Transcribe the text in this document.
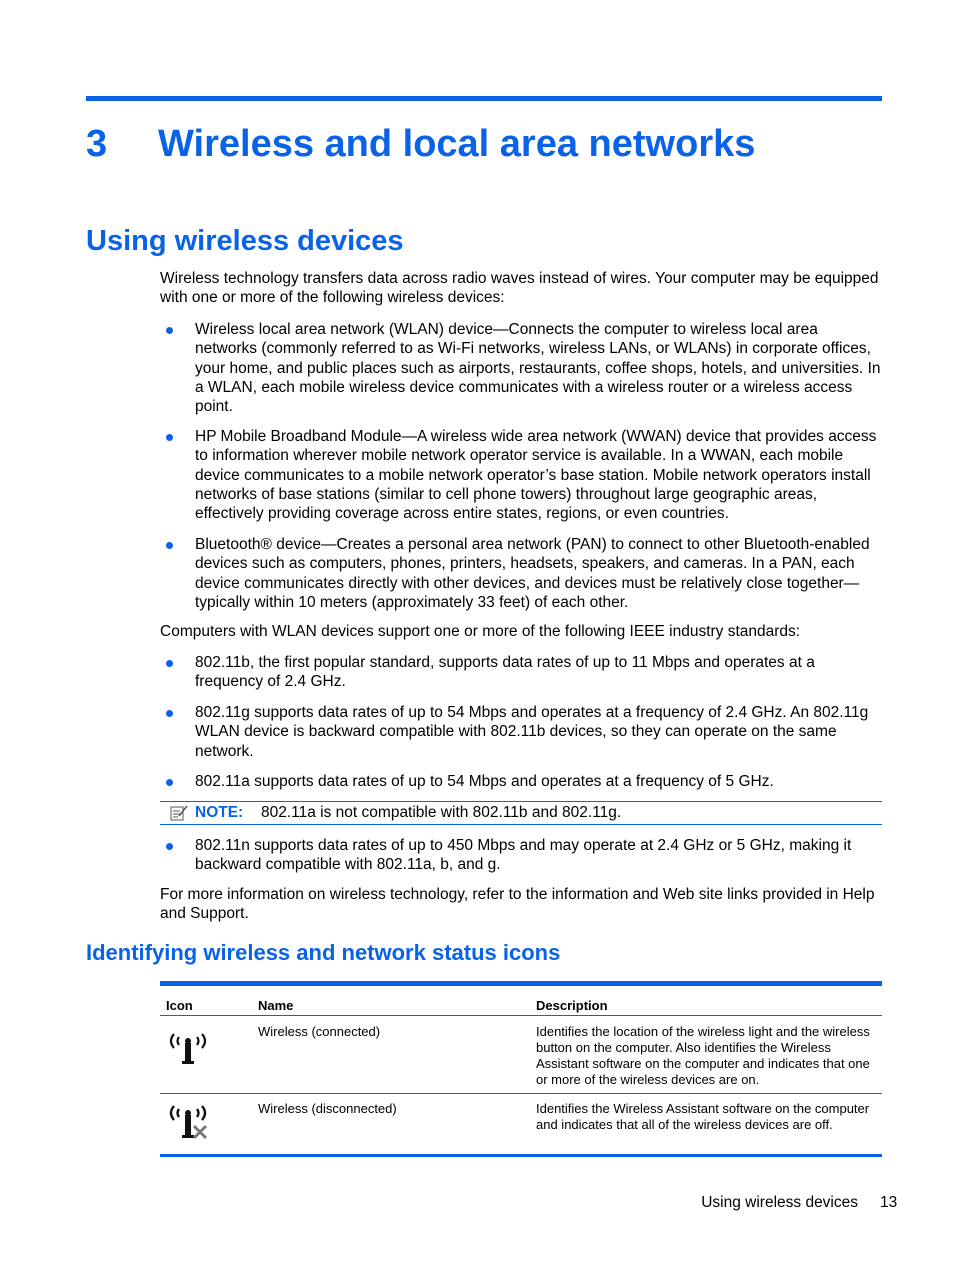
3 Wireless and local area networks
Using wireless devices

Wireless technology transfers data across radio waves instead of wires. Your computer may be equipped with one or more of the following wireless devices:

Wireless local area network (WLAN) device—Connects the computer to wireless local area networks (commonly referred to as Wi-Fi networks, wireless LANs, or WLANs) in corporate offices, your home, and public places such as airports, restaurants, coffee shops, hotels, and universities. In a WLAN, each mobile wireless device communicates with a wireless router or a wireless access point.
HP Mobile Broadband Module—A wireless wide area network (WWAN) device that provides access to information wherever mobile network operator service is available. In a WWAN, each mobile device communicates to a mobile network operator’s base station. Mobile network operators install networks of base stations (similar to cell phone towers) throughout large geographic areas, effectively providing coverage across entire states, regions, or even countries.
Bluetooth® device—Creates a personal area network (PAN) to connect to other Bluetooth-enabled devices such as computers, phones, printers, headsets, speakers, and cameras. In a PAN, each device communicates directly with other devices, and devices must be relatively close together—typically within 10 meters (approximately 33 feet) of each other.

Computers with WLAN devices support one or more of the following IEEE industry standards:

802.11b, the first popular standard, supports data rates of up to 11 Mbps and operates at a frequency of 2.4 GHz.
802.11g supports data rates of up to 54 Mbps and operates at a frequency of 2.4 GHz. An 802.11g WLAN device is backward compatible with 802.11b devices, so they can operate on the same network.
802.11a supports data rates of up to 54 Mbps and operates at a frequency of 5 GHz.
NOTE: 802.11a is not compatible with 802.11b and 802.11g.
802.11n supports data rates of up to 450 Mbps and may operate at 2.4 GHz or 5 GHz, making it backward compatible with 802.11a, b, and g.

For more information on wireless technology, refer to the information and Web site links provided in Help and Support.

Identifying wireless and network status icons
Icon	Name	Description
Wireless (connected)	Identifies the location of the wireless light and the wireless button on the computer. Also identifies the Wireless Assistant software on the computer and indicates that one or more of the wireless devices are on.
Wireless (disconnected)	Identifies the Wireless Assistant software on the computer and indicates that all of the wireless devices are off.
Using wireless devices 13
